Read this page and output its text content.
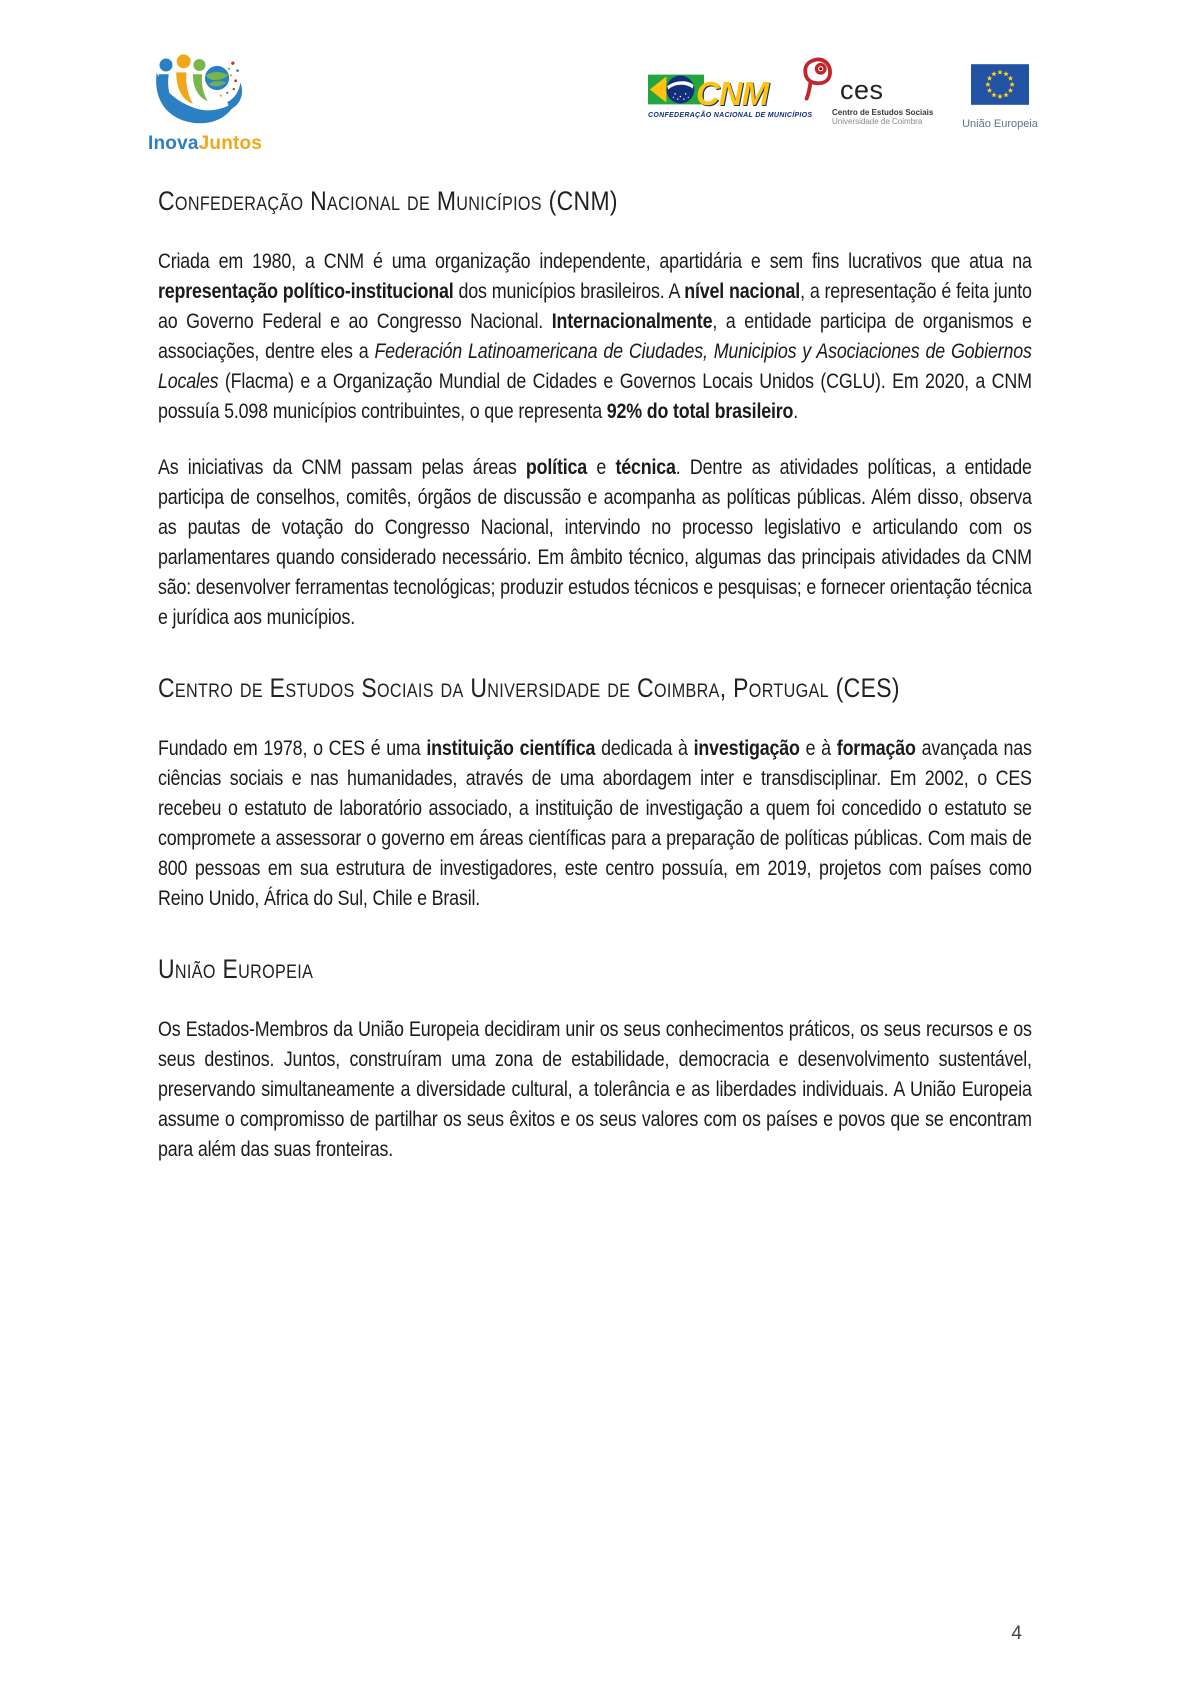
InovaJuntos
CNM
CONFEDERAÇÃO NACIONAL DE MUNICÍPIOS
ces
Centro de Estudos Sociais
Universidade de Coimbra	União Europeia
Confederação Nacional de Municípios (CNM)

Criada em 1980, a CNM é uma organização independente, apartidária e sem fins lucrativos que atua na representação político-institucional dos municípios brasileiros. A nível nacional, a representação é feita junto ao Governo Federal e ao Congresso Nacional. Internacionalmente, a entidade participa de organismos e associações, dentre eles a Federación Latinoamericana de Ciudades, Municipios y Asociaciones de Gobiernos Locales (Flacma) e a Organização Mundial de Cidades e Governos Locais Unidos (CGLU). Em 2020, a CNM possuía 5.098 municípios contribuintes, o que representa 92% do total brasileiro.

As iniciativas da CNM passam pelas áreas política e técnica. Dentre as atividades políticas, a entidade participa de conselhos, comitês, órgãos de discussão e acompanha as políticas públicas. Além disso, observa as pautas de votação do Congresso Nacional, intervindo no processo legislativo e articulando com os parlamentares quando considerado necessário. Em âmbito técnico, algumas das principais atividades da CNM são: desenvolver ferramentas tecnológicas; produzir estudos técnicos e pesquisas; e fornecer orientação técnica e jurídica aos municípios.

Centro de Estudos Sociais da Universidade de Coimbra, Portugal (CES)

Fundado em 1978, o CES é uma instituição científica dedicada à investigação e à formação avançada nas ciências sociais e nas humanidades, através de uma abordagem inter e transdisciplinar. Em 2002, o CES recebeu o estatuto de laboratório associado, a instituição de investigação a quem foi concedido o estatuto se compromete a assessorar o governo em áreas científicas para a preparação de políticas públicas. Com mais de 800 pessoas em sua estrutura de investigadores, este centro possuía, em 2019, projetos com países como Reino Unido, África do Sul, Chile e Brasil.

União Europeia

Os Estados-Membros da União Europeia decidiram unir os seus conhecimentos práticos, os seus recursos e os seus destinos. Juntos, construíram uma zona de estabilidade, democracia e desenvolvimento sustentável, preservando simultaneamente a diversidade cultural, a tolerância e as liberdades individuais. A União Europeia assume o compromisso de partilhar os seus êxitos e os seus valores com os países e povos que se encontram para além das suas fronteiras.

4
